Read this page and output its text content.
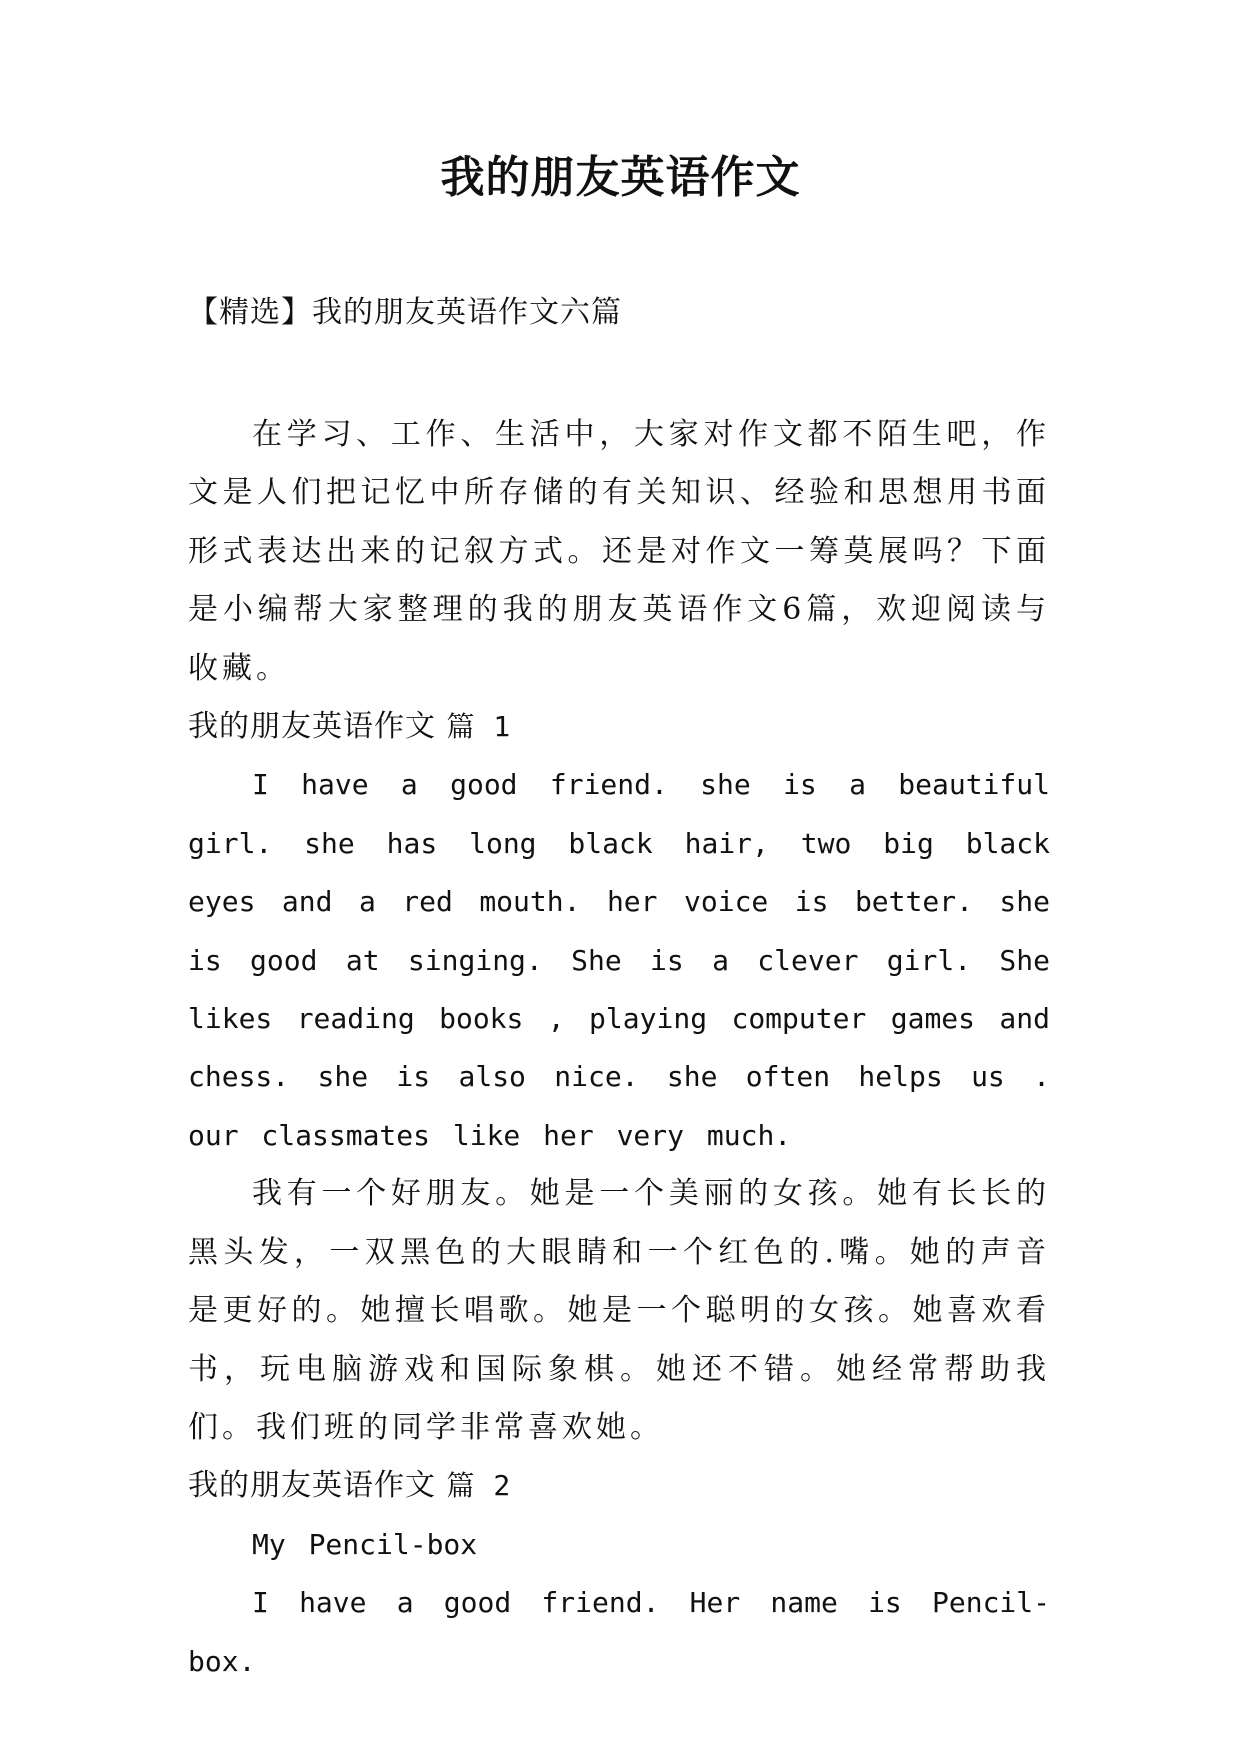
我的朋友英语作文
【精选】我的朋友英语作文六篇

在学习、工作、生活中，大家对作文都不陌生吧，作文是人们把记忆中所存储的有关知识、经验和思想用书面形式表达出来的记叙方式。还是对作文一筹莫展吗？下面是小编帮大家整理的我的朋友英语作文6篇，欢迎阅读与收藏。

我的朋友英语作文 篇 1

I have a good friend. she is a beautiful girl. she has long black hair, two big black eyes and a red mouth. her voice is better. she is good at singing. She is a clever girl. She likes reading books , playing computer games and chess. she is also nice. she often helps us . our classmates like her very much.

我有一个好朋友。她是一个美丽的女孩。她有长长的黑头发，一双黑色的大眼睛和一个红色的.嘴。她的声音是更好的。她擅长唱歌。她是一个聪明的女孩。她喜欢看书，玩电脑游戏和国际象棋。她还不错。她经常帮助我们。我们班的同学非常喜欢她。

我的朋友英语作文 篇 2

My Pencil-box

I have a good friend. Her name is Pencil-box.
